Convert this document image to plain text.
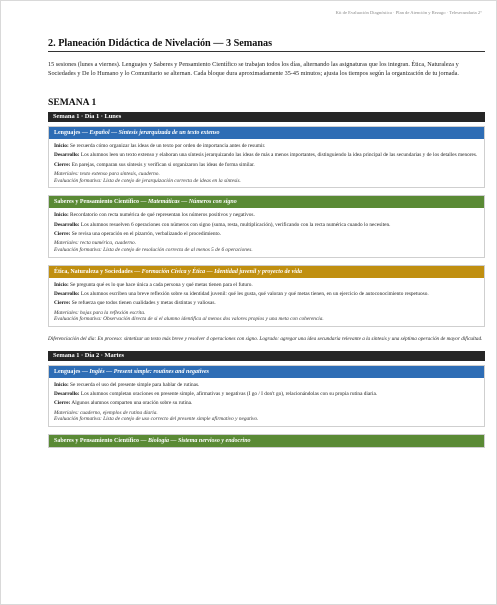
Kit de Evaluación Diagnóstica · Plan de Atención y Rezago · Telesecundaria 2°
2. Planeación Didáctica de Nivelación — 3 Semanas

15 sesiones (lunes a viernes). Lenguajes y Saberes y Pensamiento Científico se trabajan todos los días, alternando las asignaturas que los integran. Ética, Naturaleza y Sociedades y De lo Humano y lo Comunitario se alternan. Cada bloque dura aproximadamente 35-45 minutos; ajusta los tiempos según la organización de tu jornada.

SEMANA 1
Semana 1 · Día 1 · Lunes
Lenguajes — Español — Síntesis jerarquizada de un texto extenso

Inicio: Se recuerda cómo organizar las ideas de un texto por orden de importancia antes de resumir.

Desarrollo: Los alumnos leen un texto extenso y elaboran una síntesis jerarquizando las ideas de más a menos importantes, distinguiendo la idea principal de las secundarias y de los detalles menores.

Cierre: En parejas, comparan sus síntesis y verifican si organizaron las ideas de forma similar.

Materiales: texto extenso para síntesis, cuaderno.

Evaluación formativa: Lista de cotejo de jerarquización correcta de ideas en la síntesis.

Saberes y Pensamiento Científico — Matemáticas — Números con signo

Inicio: Recordatorio con recta numérica de qué representan los números positivos y negativos.

Desarrollo: Los alumnos resuelven 6 operaciones con números con signo (suma, resta, multiplicación), verificando con la recta numérica cuando lo necesiten.

Cierre: Se revisa una operación en el pizarrón, verbalizando el procedimiento.

Materiales: recta numérica, cuaderno.

Evaluación formativa: Lista de cotejo de resolución correcta de al menos 5 de 6 operaciones.

Ética, Naturaleza y Sociedades — Formación Cívica y Ética — Identidad juvenil y proyecto de vida

Inicio: Se pregunta qué es lo que hace única a cada persona y qué metas tienen para el futuro.

Desarrollo: Los alumnos escriben una breve reflexión sobre su identidad juvenil: qué les gusta, qué valoran y qué metas tienen, en un ejercicio de autoconocimiento respetuoso.

Cierre: Se refuerza que todos tienen cualidades y metas distintas y valiosas.

Materiales: hojas para la reflexión escrita.

Evaluación formativa: Observación directa de si el alumno identifica al menos dos valores propios y una meta con coherencia.

Diferenciación del día: En proceso: sintetizar un texto más breve y resolver 4 operaciones con signo. Logrado: agregar una idea secundaria relevante a la síntesis y una séptima operación de mayor dificultad.

Semana 1 · Día 2 · Martes
Lenguajes — Inglés — Present simple: routines and negatives

Inicio: Se recuerda el uso del presente simple para hablar de rutinas.

Desarrollo: Los alumnos completan oraciones en presente simple, afirmativas y negativas (I go / I don't go), relacionándolas con su propia rutina diaria.

Cierre: Algunos alumnos comparten una oración sobre su rutina.

Materiales: cuaderno, ejemplos de rutina diaria.

Evaluación formativa: Lista de cotejo de uso correcto del presente simple afirmativo y negativo.

Saberes y Pensamiento Científico — Biología — Sistema nervioso y endocrino
